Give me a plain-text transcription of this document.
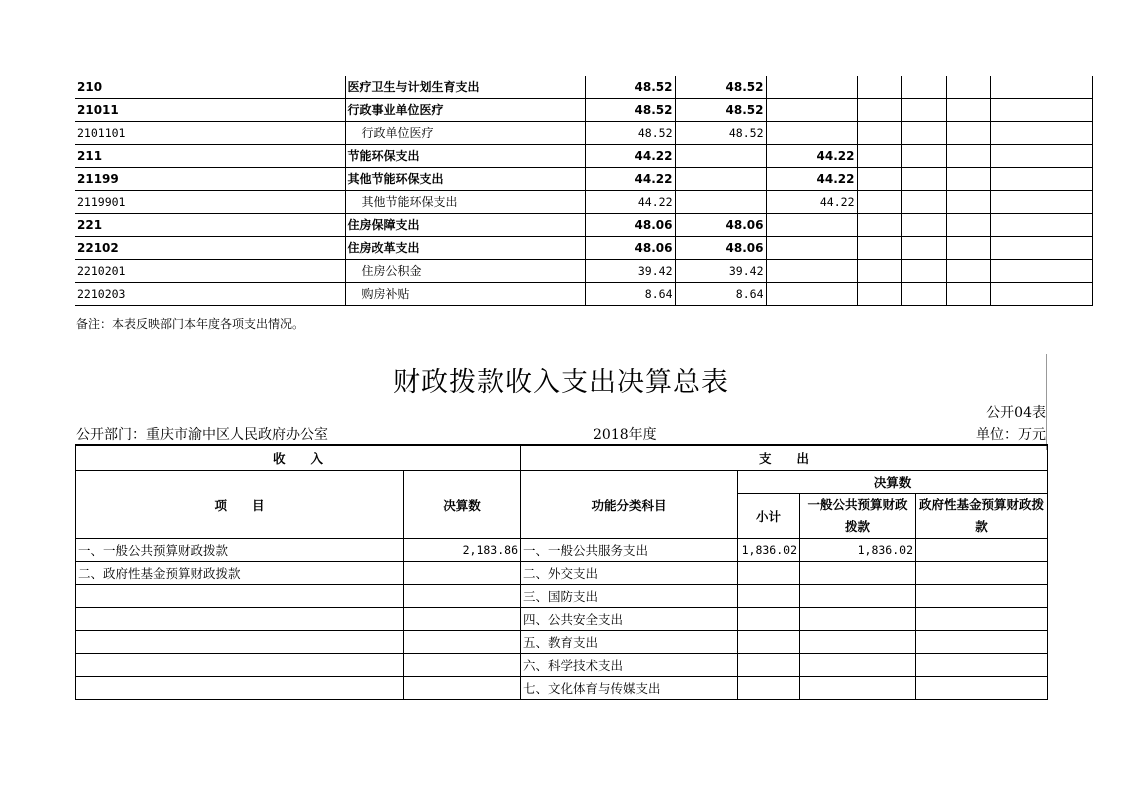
210	医疗卫生与计划生育支出	48.52	48.52					
21011	行政事业单位医疗	48.52	48.52					
2101101	行政单位医疗	48.52	48.52					
211	节能环保支出	44.22		44.22				
21199	其他节能环保支出	44.22		44.22				
2119901	其他节能环保支出	44.22		44.22				
221	住房保障支出	48.06	48.06					
22102	住房改革支出	48.06	48.06					
2210201	住房公积金	39.42	39.42					
2210203	购房补贴	8.64	8.64					
备注：本表反映部门本年度各项支出情况。
财政拨款收入支出决算总表
公开04表
公开部门：重庆市渝中区人民政府办公室	2018年度	单位：万元
收　　入		支　　出			
项　　目	决算数	功能分类科目	决算数		
			小计	一般公共预算财政拨款	政府性基金预算财政拨款

一、一般公共预算财政拨款	2,183.86	一、一般公共服务支出	1,836.02	1,836.02	
二、政府性基金预算财政拨款		二、外交支出			
		三、国防支出			
		四、公共安全支出			
		五、教育支出			
		六、科学技术支出			
		七、文化体育与传媒支出			
